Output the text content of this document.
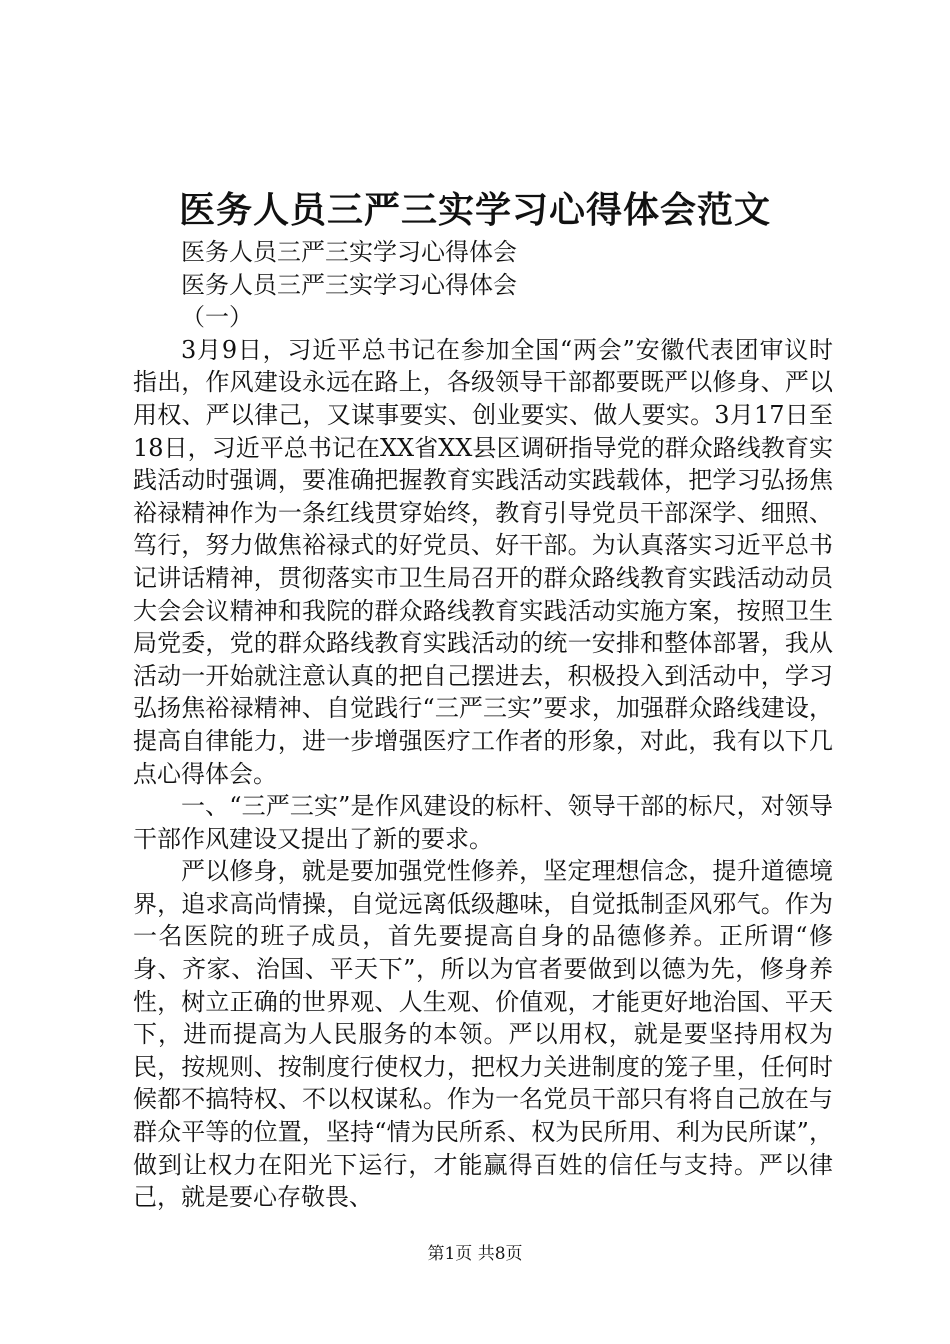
医务人员三严三实学习心得体会范文

医务人员三严三实学习心得体会

医务人员三严三实学习心得体会

（一）

3月9日，习近平总书记在参加全国“两会”安徽代表团审议时指出，作风建设永远在路上，各级领导干部都要既严以修身、严以用权、严以律己，又谋事要实、创业要实、做人要实。3月17日至18日，习近平总书记在XX省XX县区调研指导党的群众路线教育实践活动时强调，要准确把握教育实践活动实践载体，把学习弘扬焦裕禄精神作为一条红线贯穿始终，教育引导党员干部深学、细照、笃行，努力做焦裕禄式的好党员、好干部。为认真落实习近平总书记讲话精神，贯彻落实市卫生局召开的群众路线教育实践活动动员大会会议精神和我院的群众路线教育实践活动实施方案，按照卫生局党委，党的群众路线教育实践活动的统一安排和整体部署，我从活动一开始就注意认真的把自己摆进去，积极投入到活动中，学习弘扬焦裕禄精神、自觉践行“三严三实”要求，加强群众路线建设，提高自律能力，进一步增强医疗工作者的形象，对此，我有以下几点心得体会。

一、“三严三实”是作风建设的标杆、领导干部的标尺，对领导干部作风建设又提出了新的要求。

严以修身，就是要加强党性修养，坚定理想信念，提升道德境界，追求高尚情操，自觉远离低级趣味，自觉抵制歪风邪气。作为一名医院的班子成员，首先要提高自身的品德修养。正所谓“修身、齐家、治国、平天下”，所以为官者要做到以德为先，修身养性，树立正确的世界观、人生观、价值观，才能更好地治国、平天下，进而提高为人民服务的本领。严以用权，就是要坚持用权为民，按规则、按制度行使权力，把权力关进制度的笼子里，任何时候都不搞特权、不以权谋私。作为一名党员干部只有将自己放在与群众平等的位置，坚持“情为民所系、权为民所用、利为民所谋”，做到让权力在阳光下运行，才能赢得百姓的信任与支持。严以律己，就是要心存敬畏、

第1页 共8页
